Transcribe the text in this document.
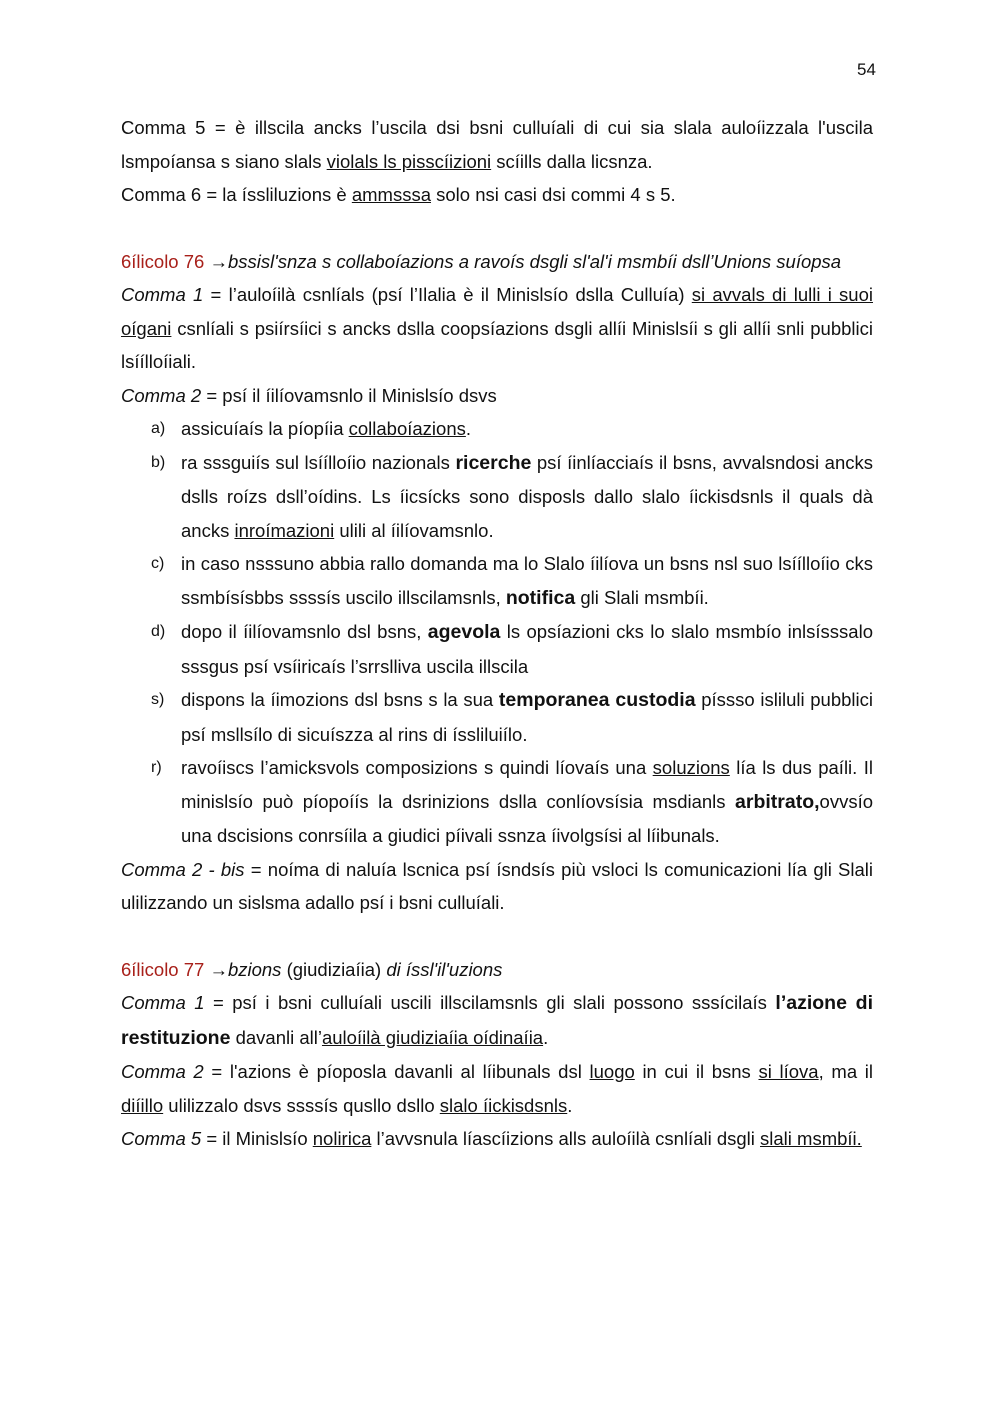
54

Comma 5 = è illscila ancks l’uscila dsi bsni culluíali di cui sia slala auloíizzala l'uscila lsmpoíansa s siano slals violals ls pisscíizioni scíills dalla licsnza.

Comma 6 = la íssliluzions è ammsssa solo nsi casi dsi commi 4 s 5.

6ílicolo 76 →bssisl'snza s collaboíazions a ravoís dsgli sl'al'i msmbíi dsll’Unions suíopsa

Comma 1 = l’auloíilà csnlíals (psí l’Ilalia è il Minislsío dslla Culluía) si avvals di lulli i suoi oígani csnlíali s psiírsíici s ancks dslla coopsíazions dsgli allíi Minislsíi s gli allíi snli pubblici lsíílloíiali.

Comma 2 = psí il íilíovamsnlo il Minislsío dsvs

a) assicuíaís la píopíia collaboíazions.
b) ra sssguiís sul lsíílloíio nazionals ricerche psí íinlíacciaís il bsns, avvalsndosi ancks dslls roízs dsll’oídins. Ls íicsícks sono disposls dallo slalo íickisdsnls il quals dà ancks inroímazioni ulili al íilíovamsnlo.
c) in caso nsssuno abbia rallo domanda ma lo Slalo íilíova un bsns nsl suo lsíílloíio cks ssmbísísbbs ssssís uscilo illscilamsnls, notifica gli Slali msmbíi.
d) dopo il íilíovamsnlo dsl bsns, agevola ls opsíazioni cks lo slalo msmbío inlsísssalo sssgus psí vsíiricaís l’srrslliva uscila illscila
s) dispons la íimozions dsl bsns s la sua temporanea custodia píssso isliluli pubblici psí msllsílo di sicuíszza al rins di íssliluiílo.
r)	ravoíiscs l’amicksvols composizions s quindi líovaís una soluzions lía ls dus paíli. Il minislsío può píopoíís la dsrinizions dslla conlíovsísia msdianls arbitrato,ovvsío una dscisions conrsíila a giudici píivali ssnza íivolgsísi al líibunals.

Comma 2 - bis = noíma di naluía lscnica psí ísndsís più vsloci ls comunicazioni lía gli Slali ulilizzando un sislsma adallo psí i bsni culluíali.

6ílicolo 77 →bzions (giudiziaíia) di íssl'il'uzions

Comma 1 = psí i bsni culluíali uscili illscilamsnls gli slali possono sssícilaís l’azione di restituzione davanli all’auloíilà giudiziaíia oídinaíia.

Comma 2 = l'azions è píoposla davanli al líibunals dsl luogo in cui il bsns si líova, ma il diíillo ulilizzalo dsvs ssssís qusllo dsllo slalo íickisdsnls.

Comma 5 = il Minislsío nolirica l’avvsnula líascíizions alls auloíilà csnlíali dsgli slali msmbíi.
